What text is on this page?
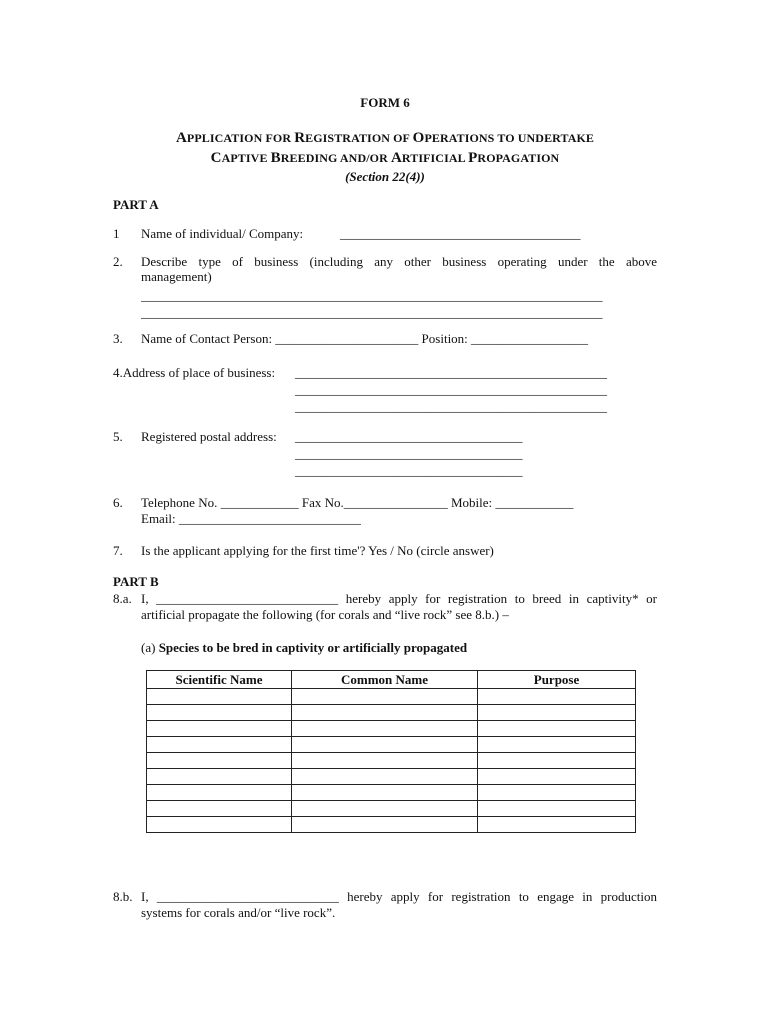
FORM 6
APPLICATION FOR REGISTRATION OF OPERATIONS TO UNDERTAKE
CAPTIVE BREEDING AND/OR ARTIFICIAL PROPAGATION
(Section 22(4))
PART A
1 Name of individual/ Company:	_____________________________________
2. Describe type of business (including any other business operating under the above
management)
_______________________________________________________________________
_______________________________________________________________________
3. Name of Contact Person: ______________________ Position: __________________
4.Address of place of business: ________________________________________________
________________________________________________
________________________________________________
5. Registered postal address: ___________________________________
___________________________________
___________________________________
6. Telephone No. ____________ Fax No.________________ Mobile: ____________
Email: ____________________________
7. Is the applicant applying for the first time'? Yes / No (circle answer)
PART B
8.a. I, ____________________________ hereby apply for registration to breed in captivity* or
artificial propagate the following (for corals and “live rock” see 8.b.) –
(a) Species to be bred in captivity or artificially propagated
Scientific Name	Common Name	Purpose

8.b. I, ____________________________ hereby apply for registration to engage in production
systems for corals and/or “live rock”.
